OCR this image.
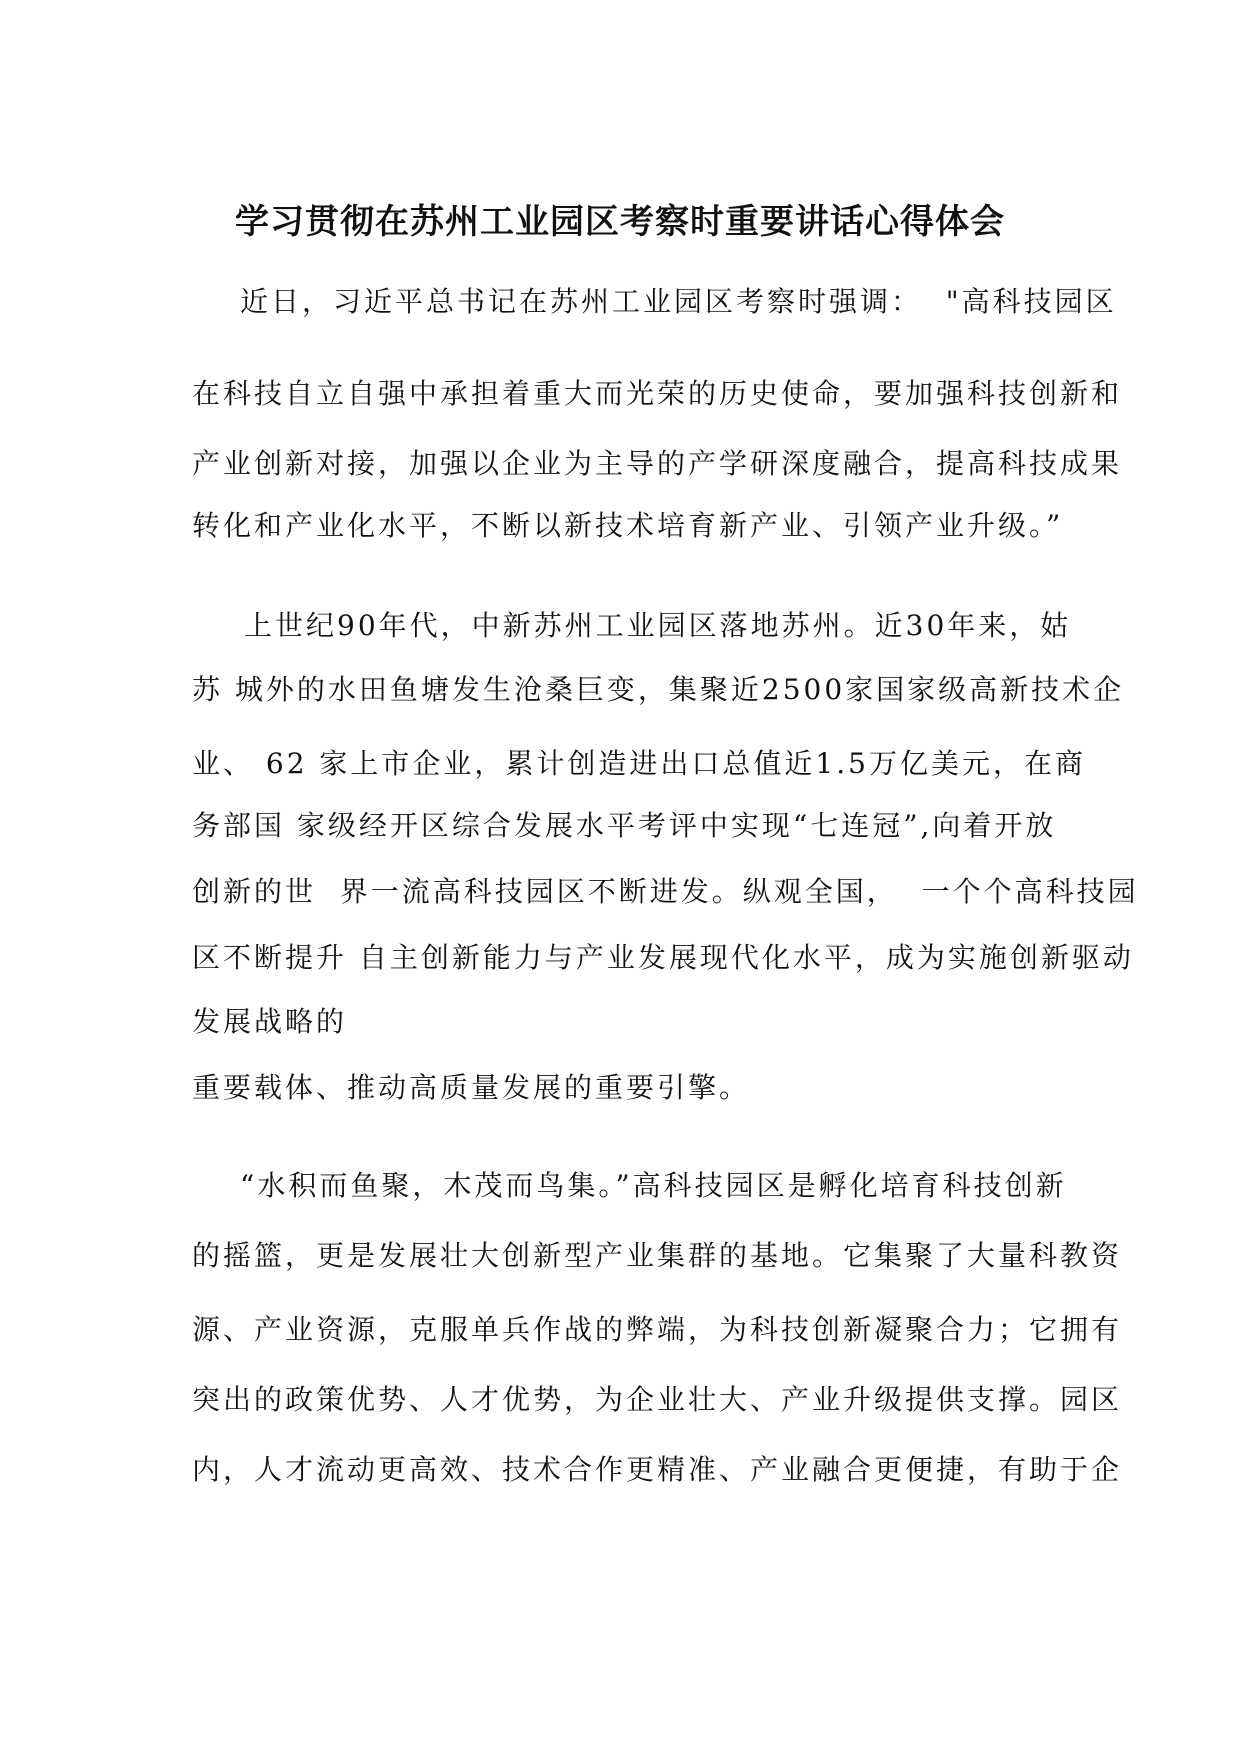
学习贯彻在苏州工业园区考察时重要讲话心得体会
近日，习近平总书记在苏州工业园区考察时强调：  "高科技园区
在科技自立自强中承担着重大而光荣的历史使命，要加强科技创新和
产业创新对接，加强以企业为主导的产学研深度融合，提高科技成果
转化和产业化水平，不断以新技术培育新产业、引领产业升级。”
上世纪90年代，中新苏州工业园区落地苏州。近30年来，姑
苏 城外的水田鱼塘发生沧桑巨变，集聚近2500家国家级高新技术企
业、 62 家上市企业，累计创造进出口总值近1.5万亿美元，在商
务部国 家级经开区综合发展水平考评中实现“七连冠”,向着开放
创新的世  界一流高科技园区不断进发。纵观全国，  一个个高科技园
区不断提升 自主创新能力与产业发展现代化水平，成为实施创新驱动
发展战略的
重要载体、推动高质量发展的重要引擎。
“水积而鱼聚，木茂而鸟集。”高科技园区是孵化培育科技创新
的摇篮，更是发展壮大创新型产业集群的基地。它集聚了大量科教资
源、产业资源，克服单兵作战的弊端，为科技创新凝聚合力；它拥有
突出的政策优势、人才优势，为企业壮大、产业升级提供支撑。园区
内，人才流动更高效、技术合作更精准、产业融合更便捷，有助于企
